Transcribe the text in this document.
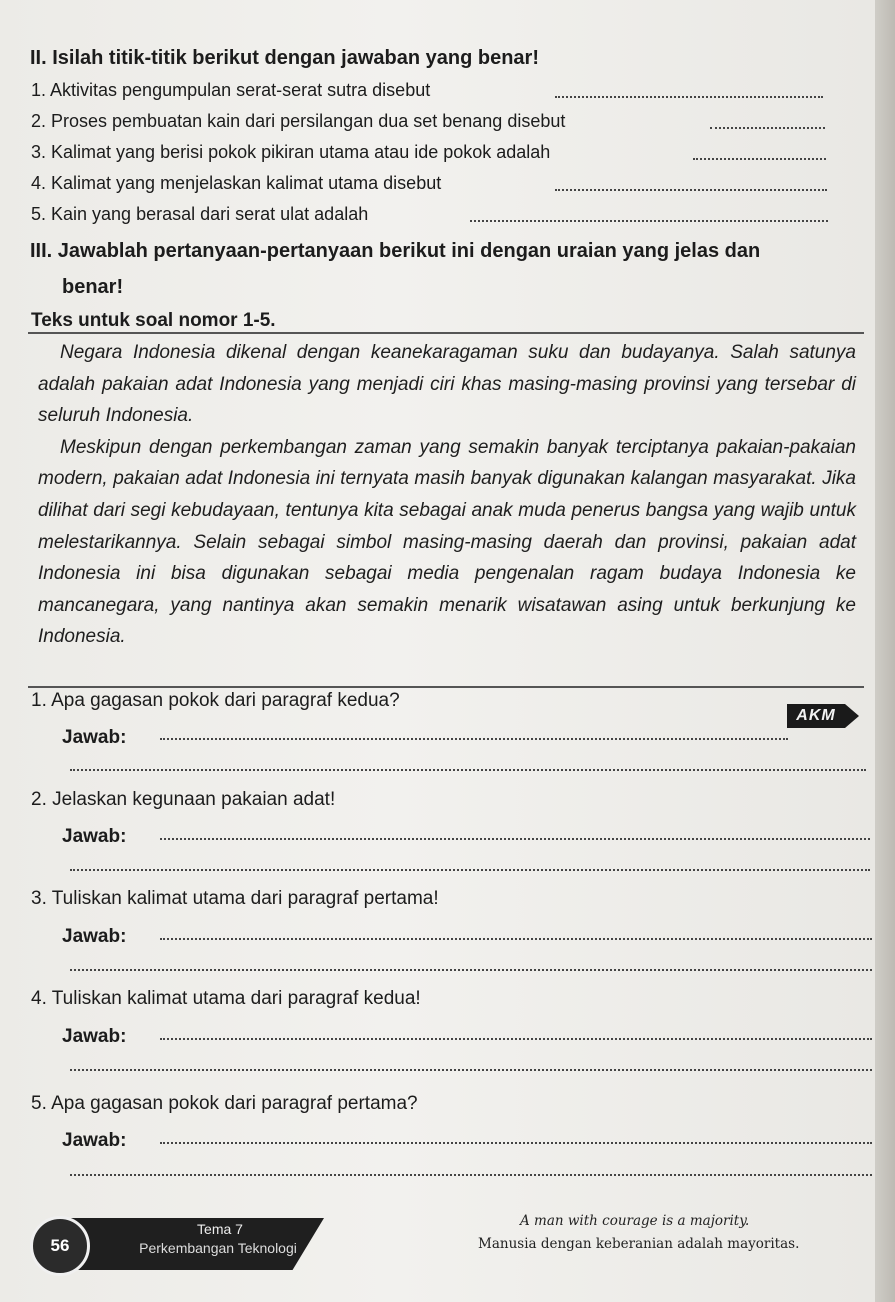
II. Isilah titik-titik berikut dengan jawaban yang benar!
1. Aktivitas pengumpulan serat-serat sutra disebut
2. Proses pembuatan kain dari persilangan dua set benang disebut
3. Kalimat yang berisi pokok pikiran utama atau ide pokok adalah
4. Kalimat yang menjelaskan kalimat utama disebut
5. Kain yang berasal dari serat ulat adalah
III. Jawablah pertanyaan-pertanyaan berikut ini dengan uraian yang jelas dan
benar!
Teks untuk soal nomor 1-5.

Negara Indonesia dikenal dengan keanekaragaman suku dan budayanya. Salah satunya adalah pakaian adat Indonesia yang menjadi ciri khas masing-masing provinsi yang tersebar di seluruh Indonesia.

Meskipun dengan perkembangan zaman yang semakin banyak terciptanya pakaian-pakaian modern, pakaian adat Indonesia ini ternyata masih banyak digunakan kalangan masyarakat. Jika dilihat dari segi kebudayaan, tentunya kita sebagai anak muda penerus bangsa yang wajib untuk melestarikannya. Selain sebagai simbol masing-masing daerah dan provinsi, pakaian adat Indonesia ini bisa digunakan sebagai media pengenalan ragam budaya Indonesia ke mancanegara, yang nantinya akan semakin menarik wisatawan asing untuk berkunjung ke Indonesia.

1. Apa gagasan pokok dari paragraf kedua?
AKM
Jawab:
2. Jelaskan kegunaan pakaian adat!
Jawab:
3. Tuliskan kalimat utama dari paragraf pertama!
Jawab:
4. Tuliskan kalimat utama dari paragraf kedua!
Jawab:
5. Apa gagasan pokok dari paragraf pertama?
Jawab:
56
Tema 7
Perkembangan Teknologi
A man with courage is a majority.
Manusia dengan keberanian adalah mayoritas.
